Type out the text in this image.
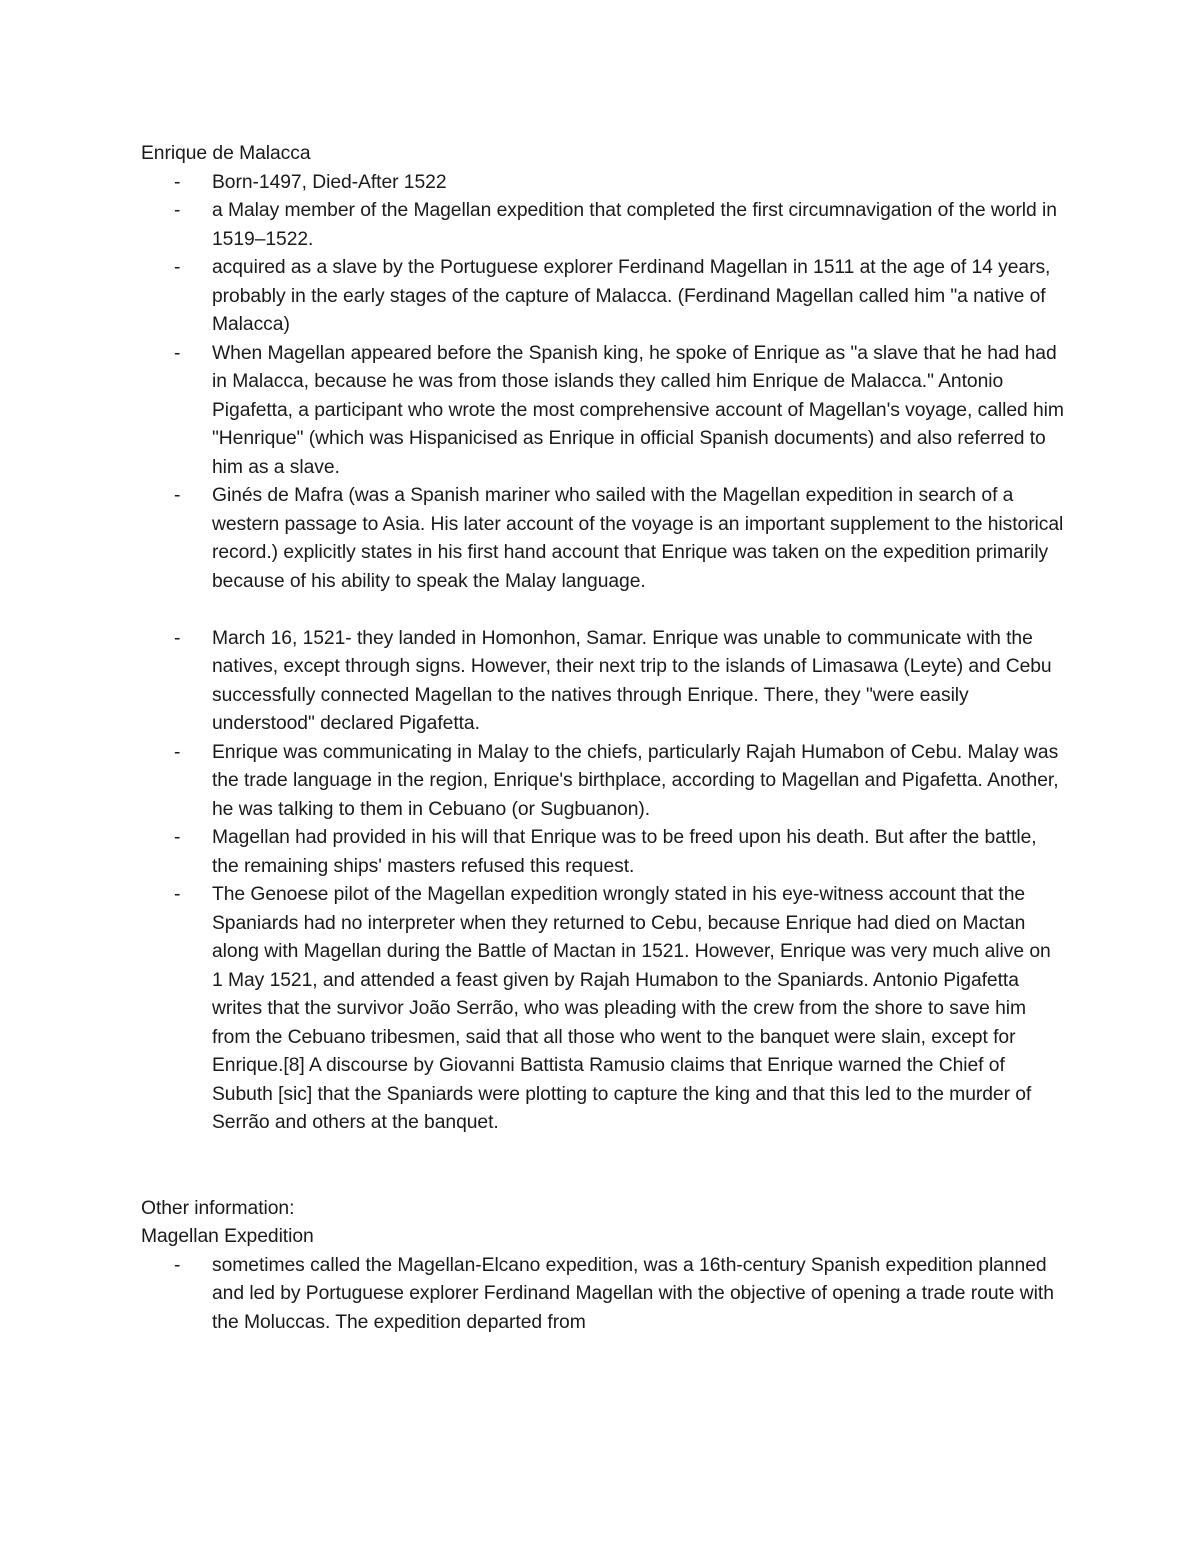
Enrique de Malacca

- Born-1497, Died-After 1522
- a Malay member of the Magellan expedition that completed the first circumnavigation of the world in 1519–1522.
- acquired as a slave by the Portuguese explorer Ferdinand Magellan in 1511 at the age of 14 years, probably in the early stages of the capture of Malacca. (Ferdinand Magellan called him "a native of Malacca)
- When Magellan appeared before the Spanish king, he spoke of Enrique as "a slave that he had had in Malacca, because he was from those islands they called him Enrique de Malacca." Antonio Pigafetta, a participant who wrote the most comprehensive account of Magellan's voyage, called him "Henrique" (which was Hispanicised as Enrique in official Spanish documents) and also referred to him as a slave.
- Ginés de Mafra (was a Spanish mariner who sailed with the Magellan expedition in search of a western passage to Asia. His later account of the voyage is an important supplement to the historical record.) explicitly states in his first hand account that Enrique was taken on the expedition primarily because of his ability to speak the Malay language.
- March 16, 1521- they landed in Homonhon, Samar. Enrique was unable to communicate with the natives, except through signs. However, their next trip to the islands of Limasawa (Leyte) and Cebu successfully connected Magellan to the natives through Enrique. There, they "were easily understood" declared Pigafetta.
- Enrique was communicating in Malay to the chiefs, particularly Rajah Humabon of Cebu. Malay was the trade language in the region, Enrique's birthplace, according to Magellan and Pigafetta. Another, he was talking to them in Cebuano (or Sugbuanon).
- Magellan had provided in his will that Enrique was to be freed upon his death. But after the battle, the remaining ships' masters refused this request.
- The Genoese pilot of the Magellan expedition wrongly stated in his eye-witness account that the Spaniards had no interpreter when they returned to Cebu, because Enrique had died on Mactan along with Magellan during the Battle of Mactan in 1521. However, Enrique was very much alive on 1 May 1521, and attended a feast given by Rajah Humabon to the Spaniards. Antonio Pigafetta writes that the survivor João Serrão, who was pleading with the crew from the shore to save him from the Cebuano tribesmen, said that all those who went to the banquet were slain, except for Enrique.[8] A discourse by Giovanni Battista Ramusio claims that Enrique warned the Chief of Subuth [sic] that the Spaniards were plotting to capture the king and that this led to the murder of Serrão and others at the banquet.

Other information:

Magellan Expedition

- sometimes called the Magellan-Elcano expedition, was a 16th-century Spanish expedition planned and led by Portuguese explorer Ferdinand Magellan with the objective of opening a trade route with the Moluccas. The expedition departed from
